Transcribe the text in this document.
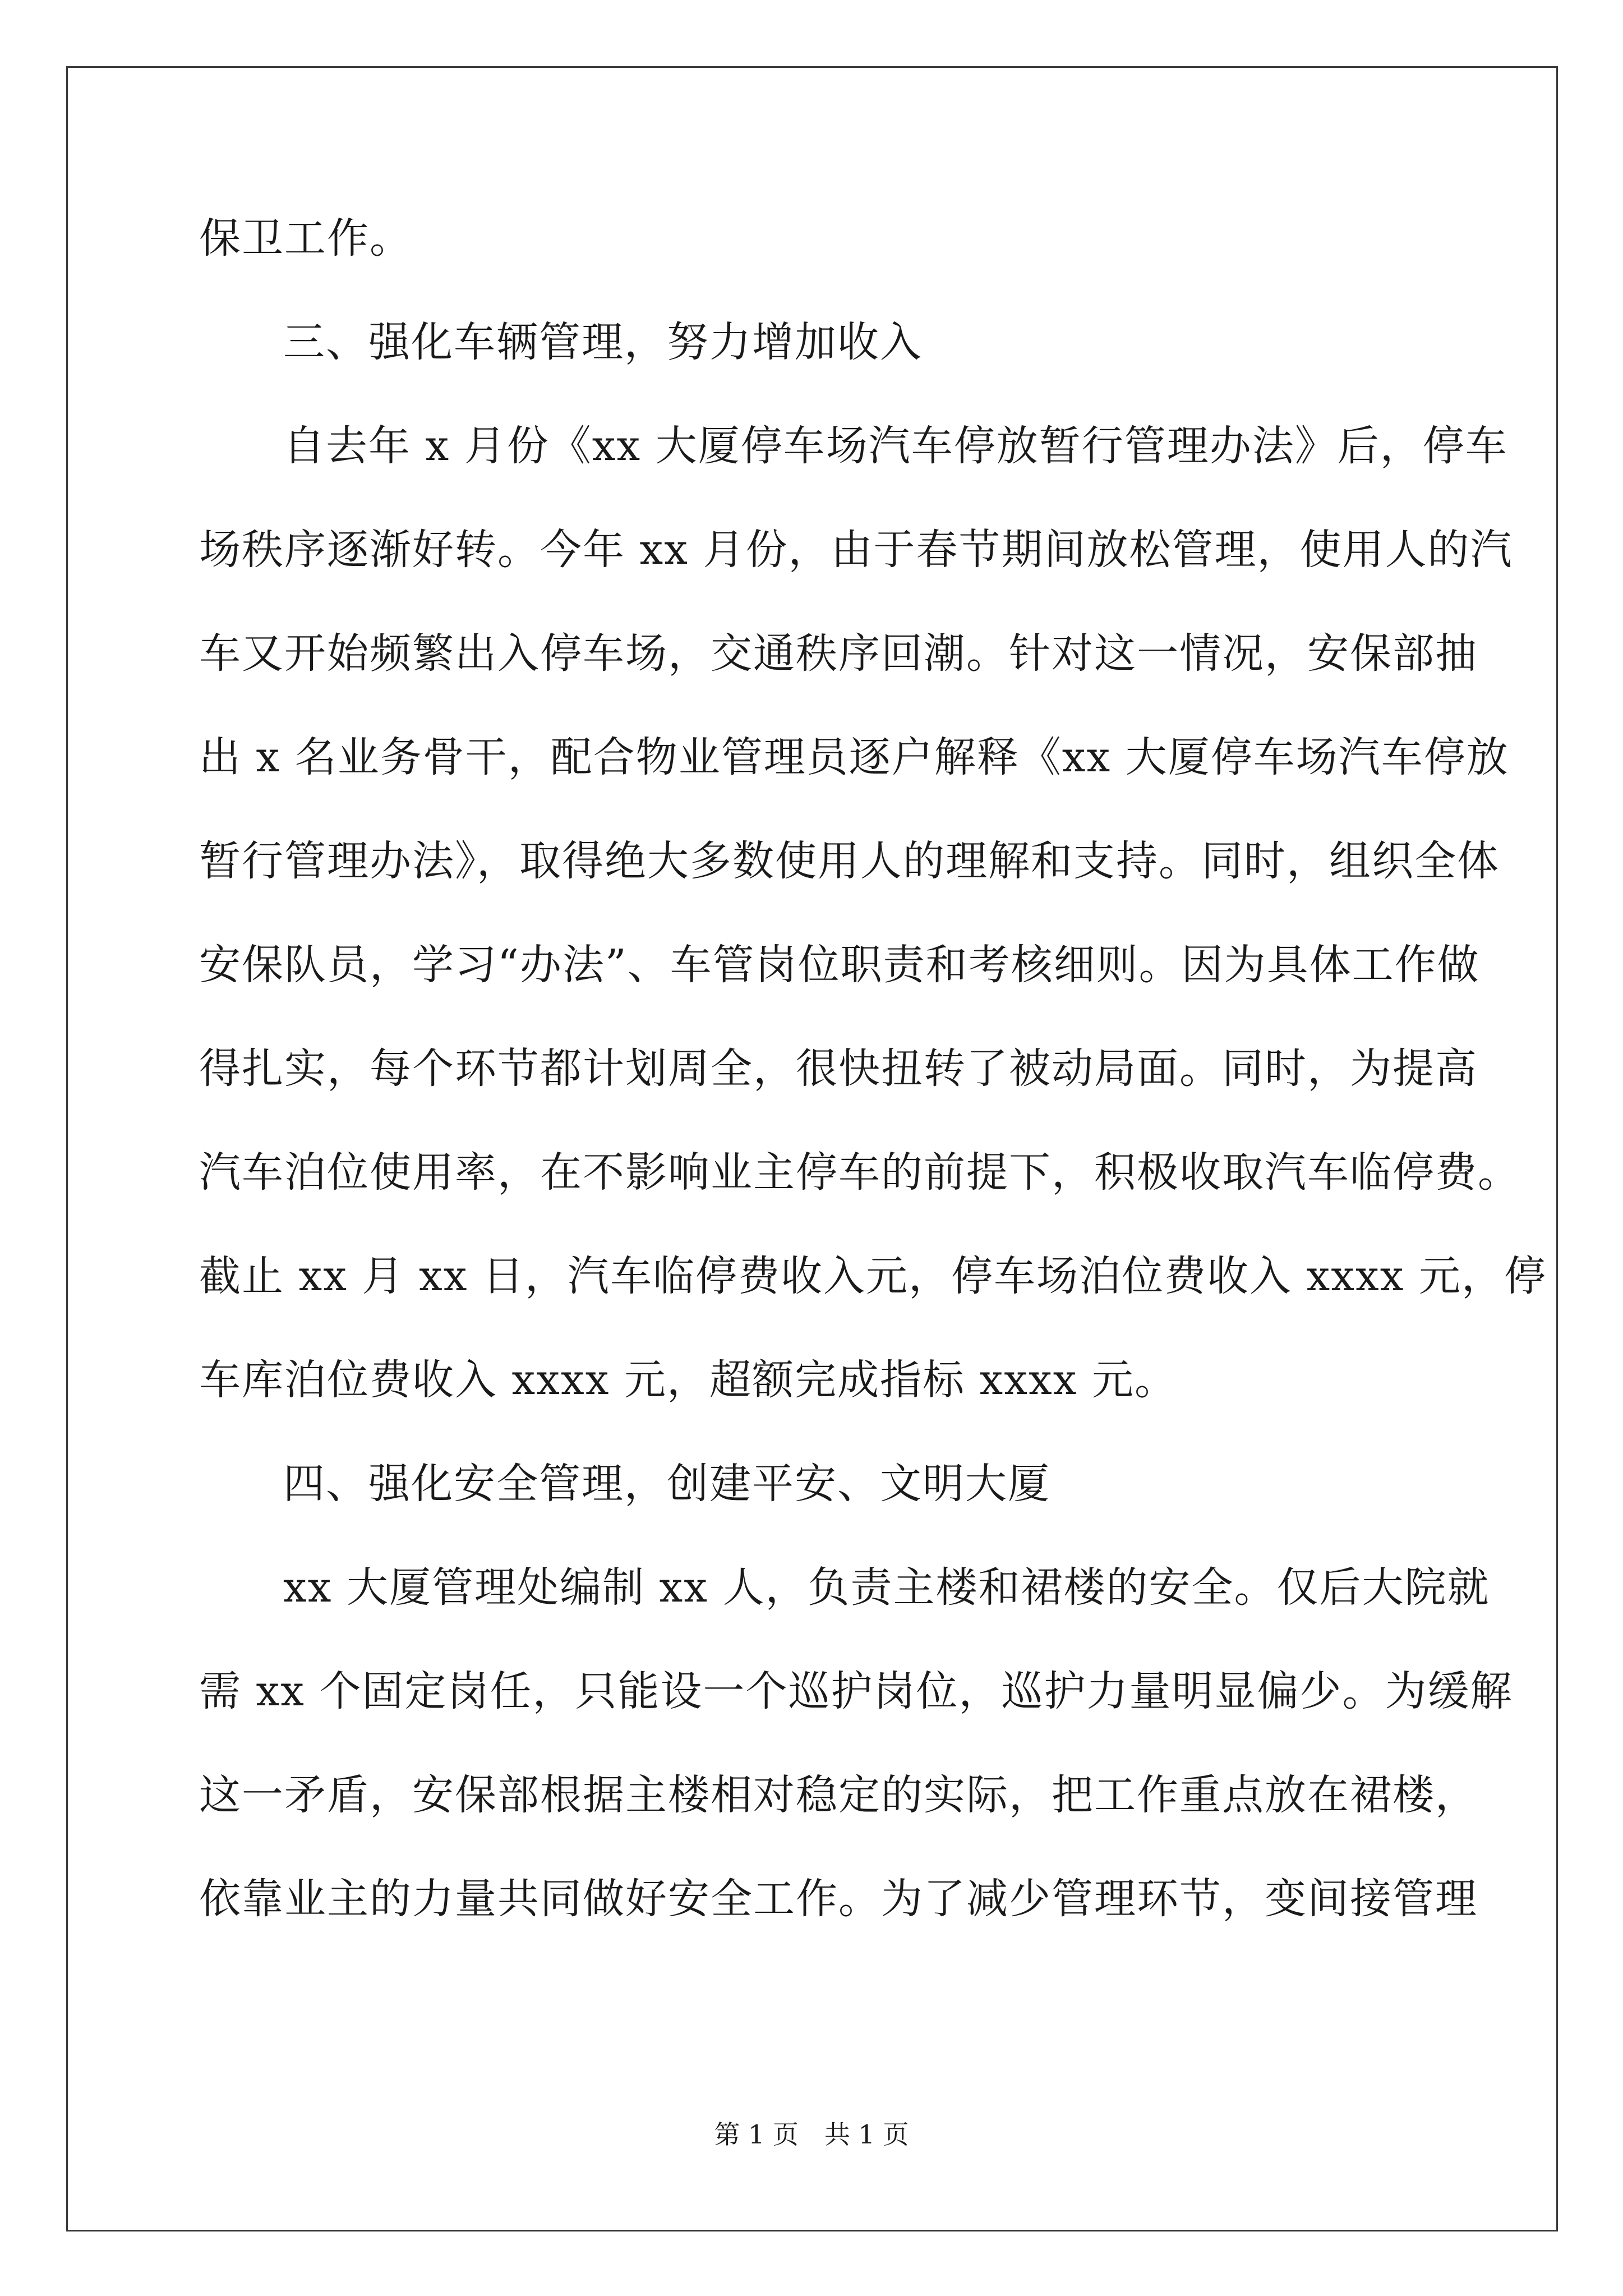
保卫工作。
三、强化车辆管理，努力增加收入
自去年 x 月份《xx 大厦停车场汽车停放暂行管理办法》后，停车
场秩序逐渐好转。今年 xx 月份，由于春节期间放松管理，使用人的汽
车又开始频繁出入停车场，交通秩序回潮。针对这一情况，安保部抽
出 x 名业务骨干，配合物业管理员逐户解释《xx 大厦停车场汽车停放
暂行管理办法》，取得绝大多数使用人的理解和支持。同时，组织全体
安保队员，学习“办法”、车管岗位职责和考核细则。因为具体工作做
得扎实，每个环节都计划周全，很快扭转了被动局面。同时，为提高
汽车泊位使用率，在不影响业主停车的前提下，积极收取汽车临停费。
截止 xx 月 xx 日，汽车临停费收入元，停车场泊位费收入 xxxx 元，停
车库泊位费收入 xxxx 元，超额完成指标 xxxx 元。
四、强化安全管理，创建平安、文明大厦
xx 大厦管理处编制 xx 人，负责主楼和裙楼的安全。仅后大院就
需 xx 个固定岗任，只能设一个巡护岗位，巡护力量明显偏少。为缓解
这一矛盾，安保部根据主楼相对稳定的实际，把工作重点放在裙楼，
依靠业主的力量共同做好安全工作。为了减少管理环节，变间接管理
第 1 页　共 1 页
